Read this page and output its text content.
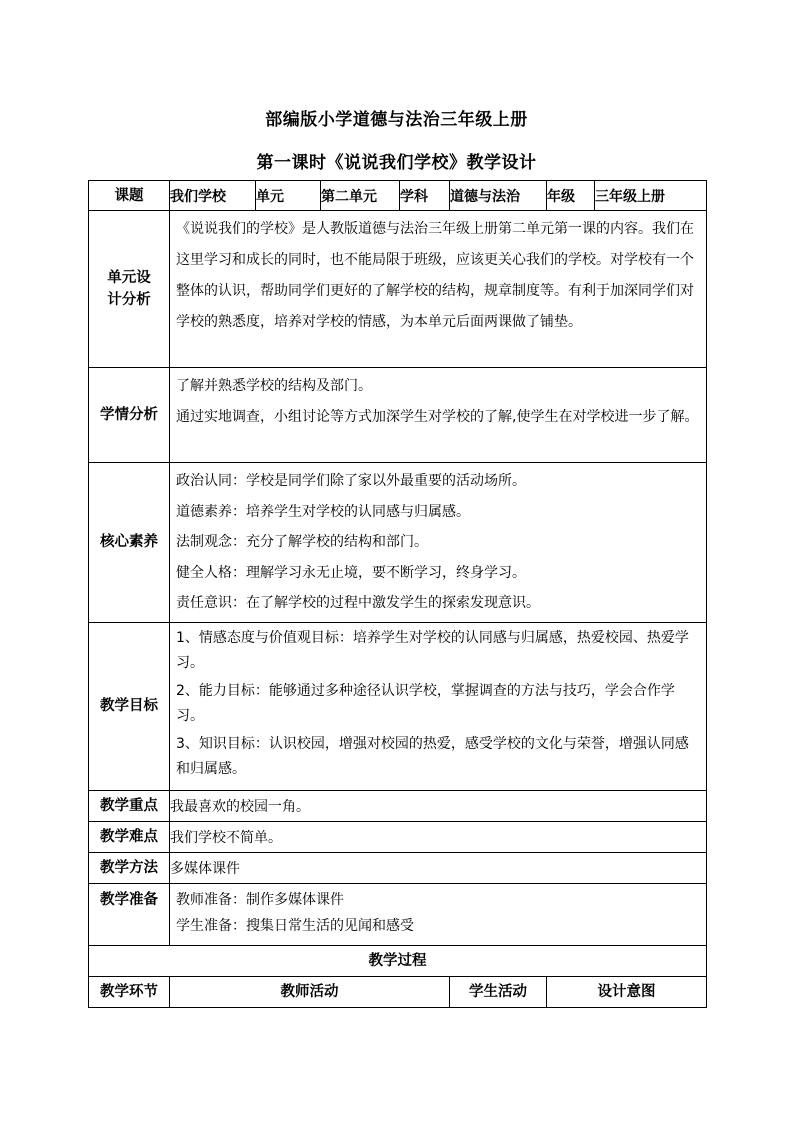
部编版小学道德与法治三年级上册
第一课时《说说我们学校》教学设计
课题	我们学校	单元	第二单元	学科	道德与法治	年级	三年级上册

单元设计分析	《说说我们的学校》是人教版道德与法治三年级上册第二单元第一课的内容。我们在这里学习和成长的同时，也不能局限于班级，应该更关心我们的学校。对学校有一个整体的认识，帮助同学们更好的了解学校的结构，规章制度等。有利于加深同学们对学校的熟悉度，培养对学校的情感，为本单元后面两课做了铺垫。						

学情分析	了解并熟悉学校的结构及部门。

通过实地调查，小组讨论等方式加深学生对学校的了解,使学生在对学校进一步了解。						

核心素养	政治认同：学校是同学们除了家以外最重要的活动场所。

道德素养：培养学生对学校的认同感与归属感。

法制观念：充分了解学校的结构和部门。

健全人格：理解学习永无止境，要不断学习，终身学习。

责任意识：在了解学校的过程中激发学生的探索发现意识。						

教学目标	1、情感态度与价值观目标：培养学生对学校的认同感与归属感，热爱校园、热爱学习。

2、能力目标：能够通过多种途径认识学校，掌握调查的方法与技巧，学会合作学习。

3、知识目标：认识校园，增强对校园的热爱，感受学校的文化与荣誉，增强认同感和归属感。						

教学重点	我最喜欢的校园一角。						
教学难点	我们学校不简单。						
教学方法	多媒体课件						
教学准备	教师准备：制作多媒体课件

学生准备：搜集日常生活的见闻和感受						

教学过程							
教学环节	教师活动				学生活动	设计意图	
